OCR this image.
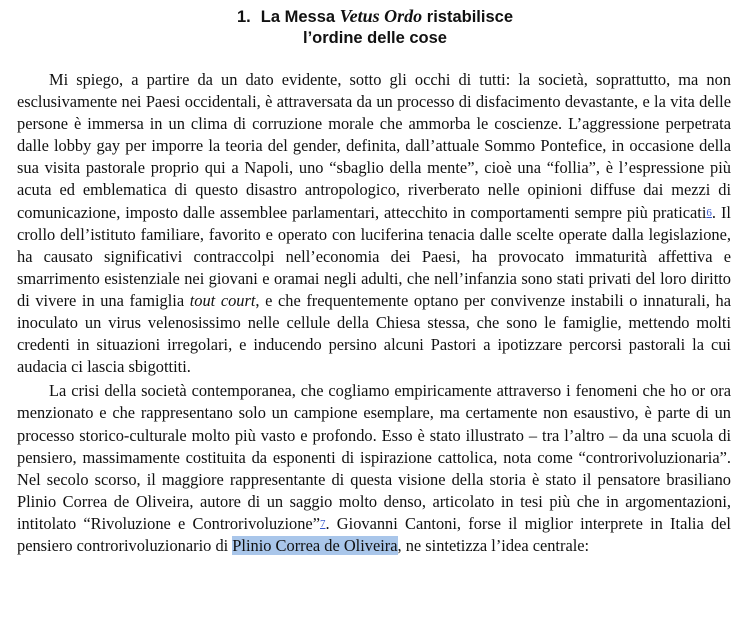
1. La Messa Vetus Ordo ristabilisce
l’ordine delle cose

Mi spiego, a partire da un dato evidente, sotto gli occhi di tutti: la società, soprattutto, ma non esclusivamente nei Paesi occidentali, è attraversata da un processo di disfacimento devastante, e la vita delle persone è immersa in un clima di corruzione morale che ammorba le coscienze. L’aggressione perpetrata dalle lobby gay per imporre la teoria del gender, definita, dall’attuale Sommo Pontefice, in occasione della sua visita pastorale proprio qui a Napoli, uno “sbaglio della mente”, cioè una “follia”, è l’espressione più acuta ed emblematica di questo disastro antropologico, riverberato nelle opinioni diffuse dai mezzi di comunicazione, imposto dalle assemblee parlamentari, attecchito in comportamenti sempre più praticati6. Il crollo dell’istituto familiare, favorito e operato con luciferina tenacia dalle scelte operate dalla legislazione, ha causato significativi contraccolpi nell’economia dei Paesi, ha provocato immaturità affettiva e smarrimento esistenziale nei giovani e oramai negli adulti, che nell’infanzia sono stati privati del loro diritto di vivere in una famiglia tout court, e che frequentemente optano per convivenze instabili o innaturali, ha inoculato un virus velenosissimo nelle cellule della Chiesa stessa, che sono le famiglie, mettendo molti credenti in situazioni irregolari, e inducendo persino alcuni Pastori a ipotizzare percorsi pastorali la cui audacia ci lascia sbigottiti.

La crisi della società contemporanea, che cogliamo empiricamente attraverso i fenomeni che ho or ora menzionato e che rappresentano solo un campione esemplare, ma certamente non esaustivo, è parte di un processo storico-culturale molto più vasto e profondo. Esso è stato illustrato – tra l’altro – da una scuola di pensiero, massimamente costituita da esponenti di ispirazione cattolica, nota come “controrivoluzionaria”. Nel secolo scorso, il maggiore rappresentante di questa visione della storia è stato il pensatore brasiliano Plinio Correa de Oliveira, autore di un saggio molto denso, articolato in tesi più che in argomentazioni, intitolato “Rivoluzione e Controrivoluzione”7. Giovanni Cantoni, forse il miglior interprete in Italia del pensiero controrivoluzionario di Plinio Correa de Oliveira, ne sintetizza l’idea centrale:
